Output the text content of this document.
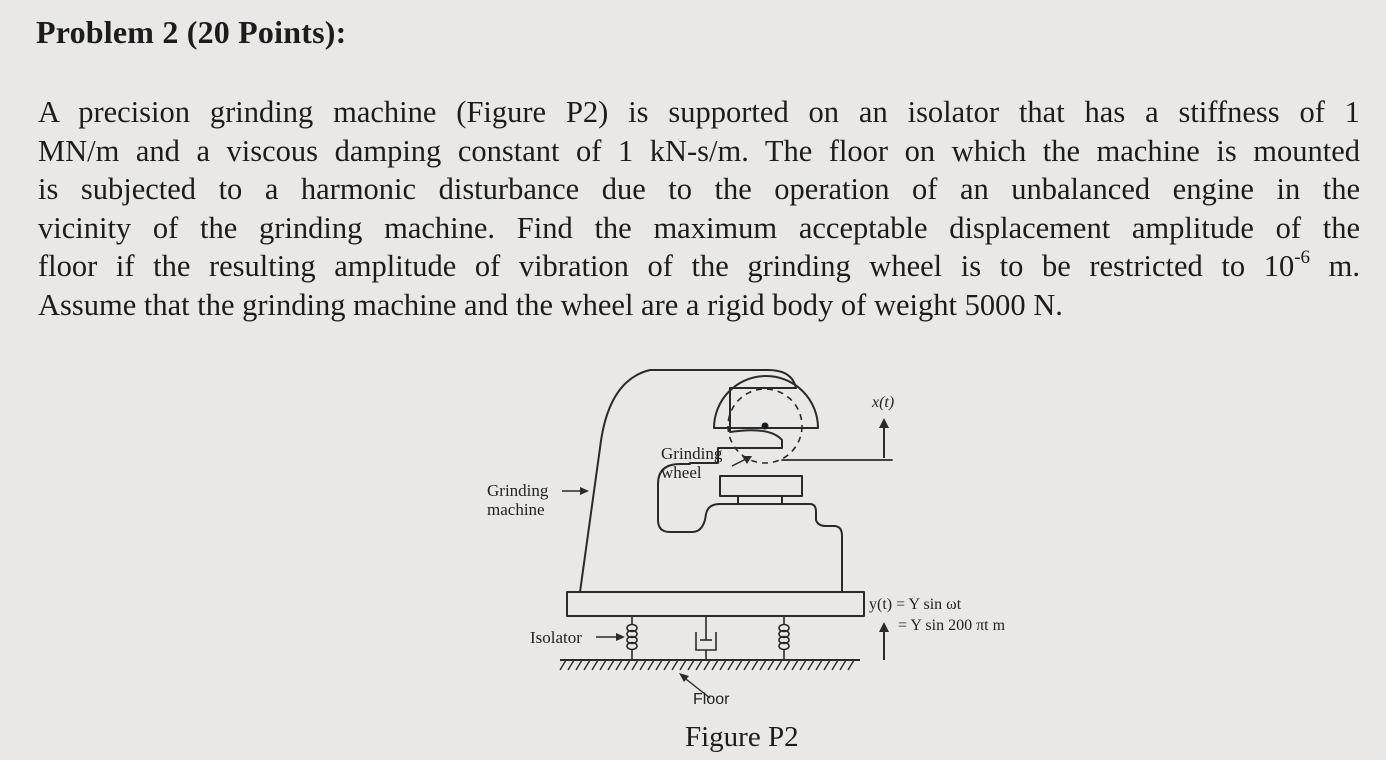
Problem 2 (20 Points):
A precision grinding machine (Figure P2) is supported on an isolator that has a stiffness of 1
MN/m and a viscous damping constant of 1 kN-s/m. The floor on which the machine is mounted
is subjected to a harmonic disturbance due to the operation of an unbalanced engine in the
vicinity of the grinding machine. Find the maximum acceptable displacement amplitude of the
floor if the resulting amplitude of vibration of the grinding wheel is to be restricted to $10^{-6}$ m.
Assume that the grinding machine and the wheel are a rigid body of weight 5000 N.
Grinding
machine
Grinding
wheel
x(t)
y(t) = Y sin ωt
= Y sin 200 πt m
Isolator
Floor
Figure P2
